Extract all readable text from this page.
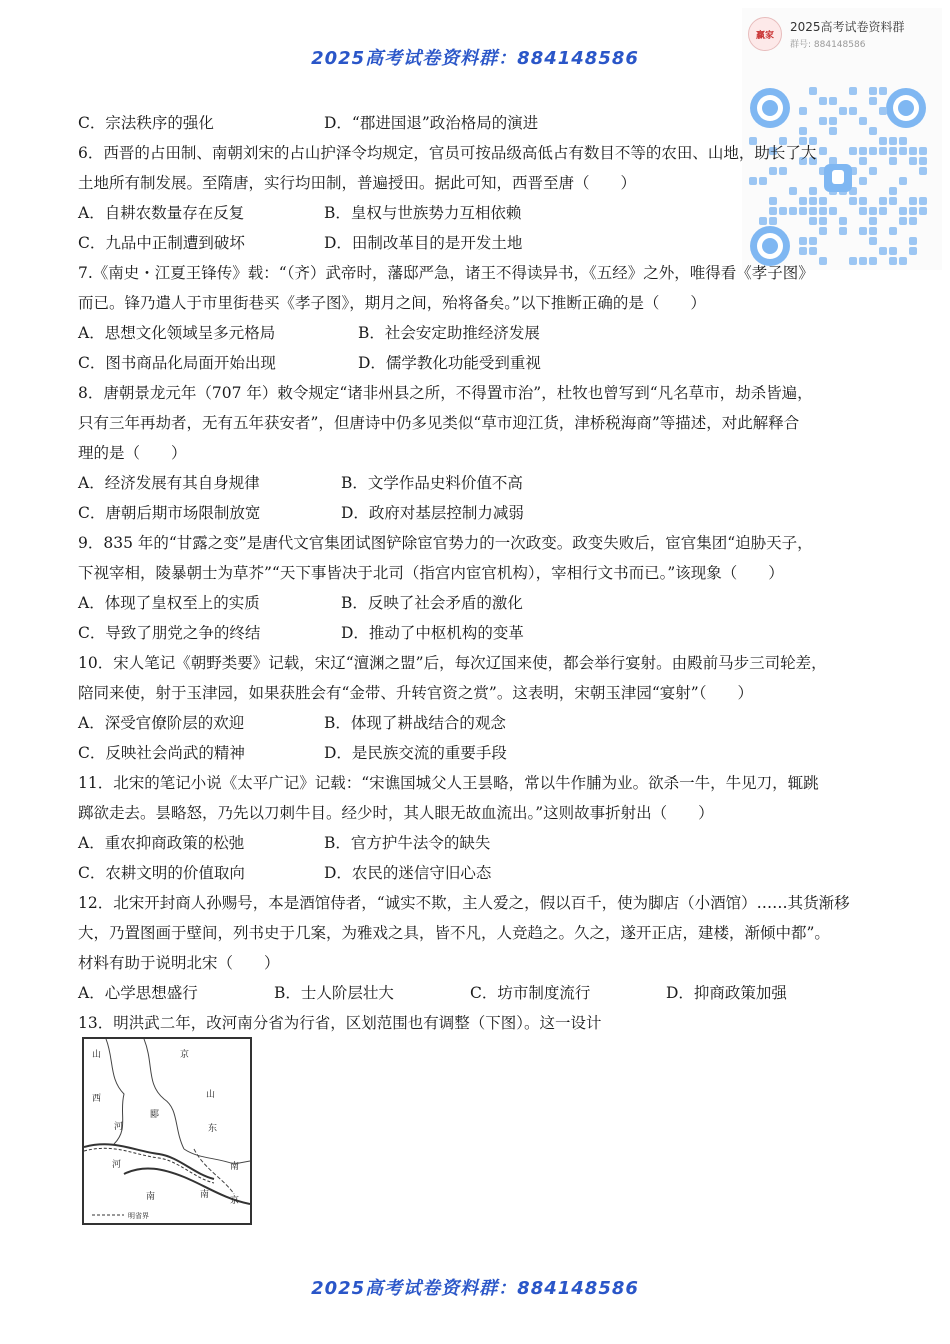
2025高考试卷资料群：884148586
赢家
2025高考试卷资料群
群号: 884148586
C．宗法秩序的强化	D．“郡进国退”政治格局的演进
6．西晋的占田制、南朝刘宋的占山护泽令均规定，官员可按品级高低占有数目不等的农田、山地，助长了大
土地所有制发展。至隋唐，实行均田制，普遍授田。据此可知，西晋至唐（　　）
A．自耕农数量存在反复	B．皇权与世族势力互相依赖
C．九品中正制遭到破坏	D．田制改革目的是开发土地
7.《南史・江夏王锋传》载：“（齐）武帝时，藩邸严急，诸王不得读异书，《五经》之外，唯得看《孝子图》
而已。锋乃遣人于市里街巷买《孝子图》，期月之间，殆将备矣。”以下推断正确的是（　　）
A．思想文化领域呈多元格局	B．社会安定助推经济发展
C．图书商品化局面开始出现	D．儒学教化功能受到重视
8．唐朝景龙元年（707 年）敕令规定“诸非州县之所，不得置市治”，杜牧也曾写到“凡名草市，劫杀皆遍，
只有三年再劫者，无有五年获安者”，但唐诗中仍多见类似“草市迎江货，津桥税海商”等描述，对此解释合
理的是（　　）
A．经济发展有其自身规律	B．文学作品史料价值不高
C．唐朝后期市场限制放宽	D．政府对基层控制力减弱
9．835 年的“甘露之变”是唐代文官集团试图铲除宦官势力的一次政变。政变失败后，宦官集团“迫胁天子，
下视宰相，陵暴朝士为草芥”“天下事皆决于北司（指宫内宦官机构），宰相行文书而已。”该现象（　　）
A．体现了皇权至上的实质	B．反映了社会矛盾的激化
C．导致了朋党之争的终结	D．推动了中枢机构的变革
10．宋人笔记《朝野类要》记载，宋辽“澶渊之盟”后，每次辽国来使，都会举行宴射。由殿前马步三司轮差，
陪同来使，射于玉津园，如果获胜会有“金带、升转官资之赏”。这表明，宋朝玉津园“宴射”（　　）
A．深受官僚阶层的欢迎	B．体现了耕战结合的观念
C．反映社会尚武的精神	D．是民族交流的重要手段
11．北宋的笔记小说《太平广记》记载：“宋谯国城父人王昙略，常以牛作脯为业。欲杀一牛，牛见刀，辄跳
踯欲走去。昙略怒，乃先以刀刺牛目。经少时，其人眼无故血流出。”这则故事折射出（　　）
A．重农抑商政策的松弛	B．官方护牛法令的缺失
C．农耕文明的价值取向	D．农民的迷信守旧心态
12．北宋开封商人孙赐号，本是酒馆侍者，“诚实不欺，主人爱之，假以百千，使为脚店（小酒馆）……其货渐移
大，乃置图画于壁间，列书史于几案，为雅戏之具，皆不凡，人竞趋之。久之，遂开正店，建楼，渐倾中都”。
材料有助于说明北宋（　　）
A．心学思想盛行	B．士人阶层壮大	C．坊市制度流行	D．抑商政策加强
13．明洪武二年，改河南分省为行省，区划范围也有调整（下图）。这一设计
山
西
京
山
东
河
南
河
郾
南
京
南
明省界
2025高考试卷资料群：884148586
